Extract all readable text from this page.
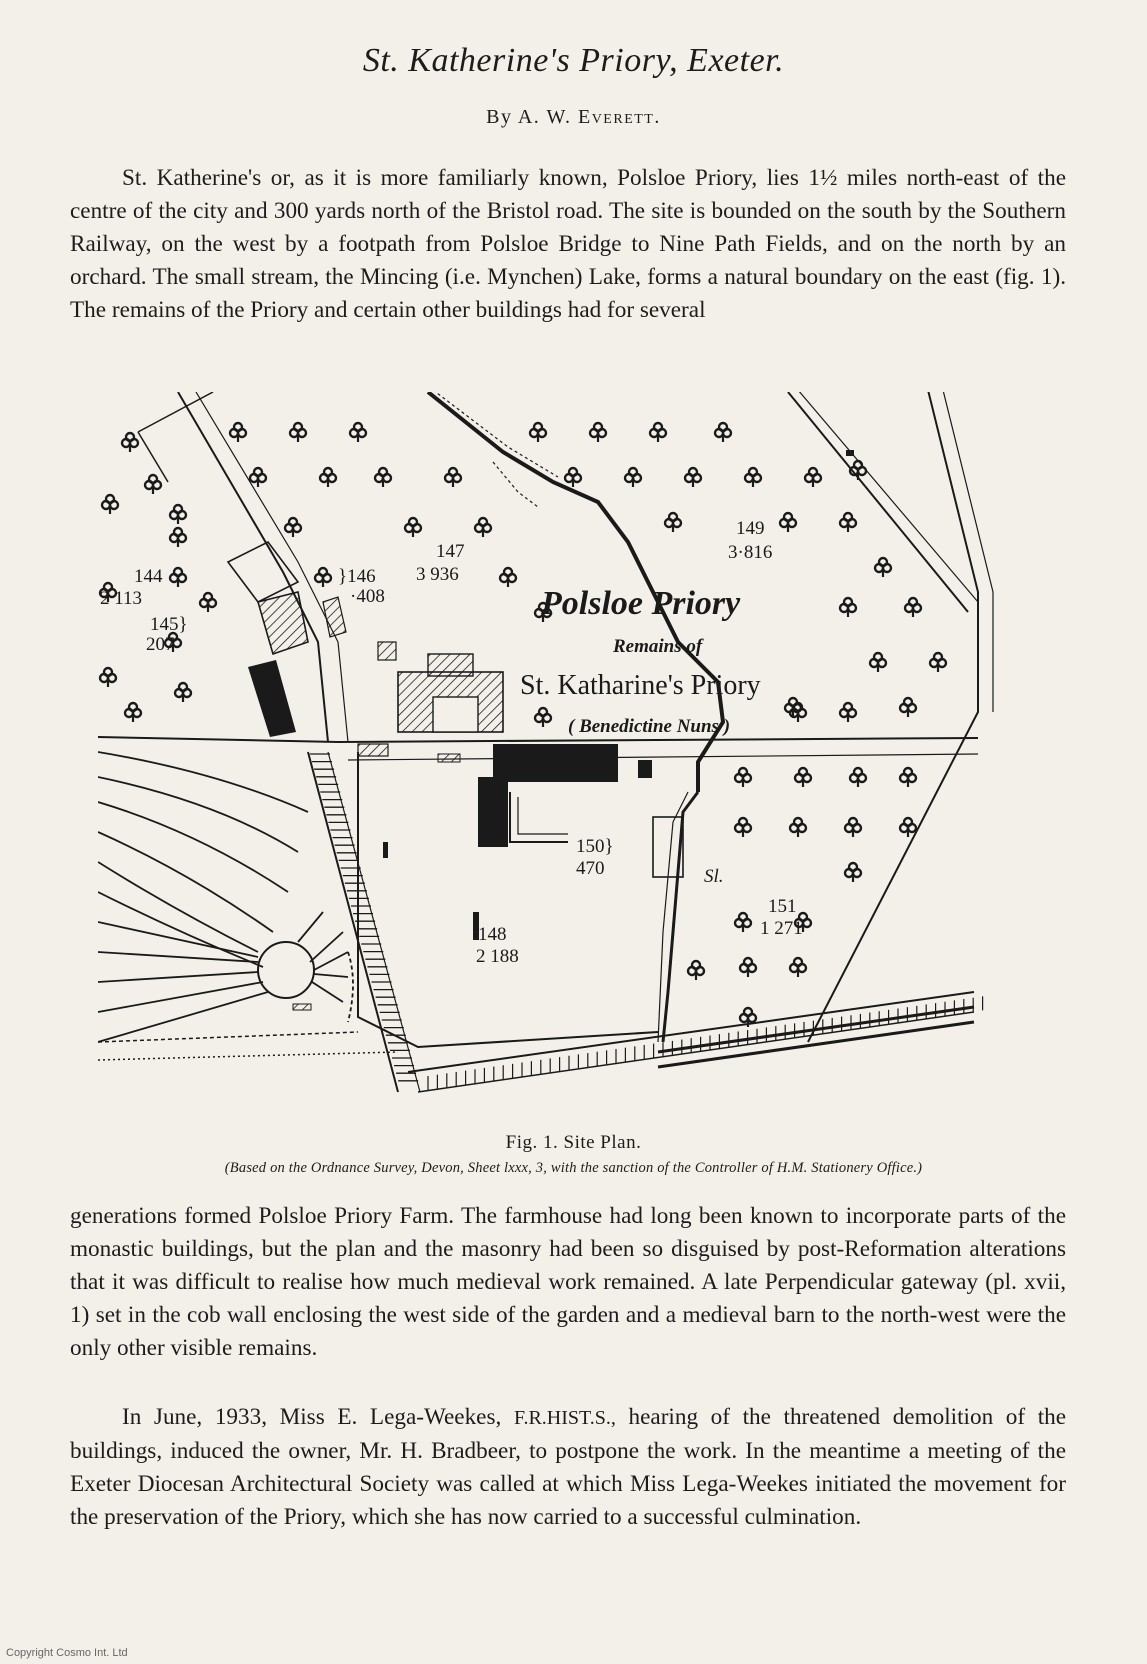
St. Katherine's Priory, Exeter.
By A. W. Everett.

St. Katherine's or, as it is more familiarly known, Polsloe Priory, lies 1½ miles north-east of the centre of the city and 300 yards north of the Bristol road. The site is bounded on the south by the Southern Railway, on the west by a footpath from Polsloe Bridge to Nine Path Fields, and on the north by an orchard. The small stream, the Mincing (i.e. Mynchen) Lake, forms a natural boundary on the east (fig. 1). The remains of the Priory and certain other buildings had for several

144
2 113
145}
207
}146
·408
147
3 936
148
2 188
149
3·816
150}
470
151
1 271
Sl.
Polsloe Priory
Remains of
St. Katharine's Priory
( Benedictine Nuns )
Fig. 1. Site Plan.
(Based on the Ordnance Survey, Devon, Sheet lxxx, 3, with the sanction of the Controller of H.M. Stationery Office.)

generations formed Polsloe Priory Farm. The farmhouse had long been known to incorporate parts of the monastic buildings, but the plan and the masonry had been so disguised by post-Reformation alterations that it was difficult to realise how much medieval work remained. A late Perpendicular gateway (pl. xvii, 1) set in the cob wall enclosing the west side of the garden and a medieval barn to the north-west were the only other visible remains.

In June, 1933, Miss E. Lega-Weekes, F.R.HIST.S., hearing of the threatened demolition of the buildings, induced the owner, Mr. H. Bradbeer, to postpone the work. In the meantime a meeting of the Exeter Diocesan Architectural Society was called at which Miss Lega-Weekes initiated the movement for the preservation of the Priory, which she has now carried to a successful culmination.

Copyright Cosmo Int. Ltd
